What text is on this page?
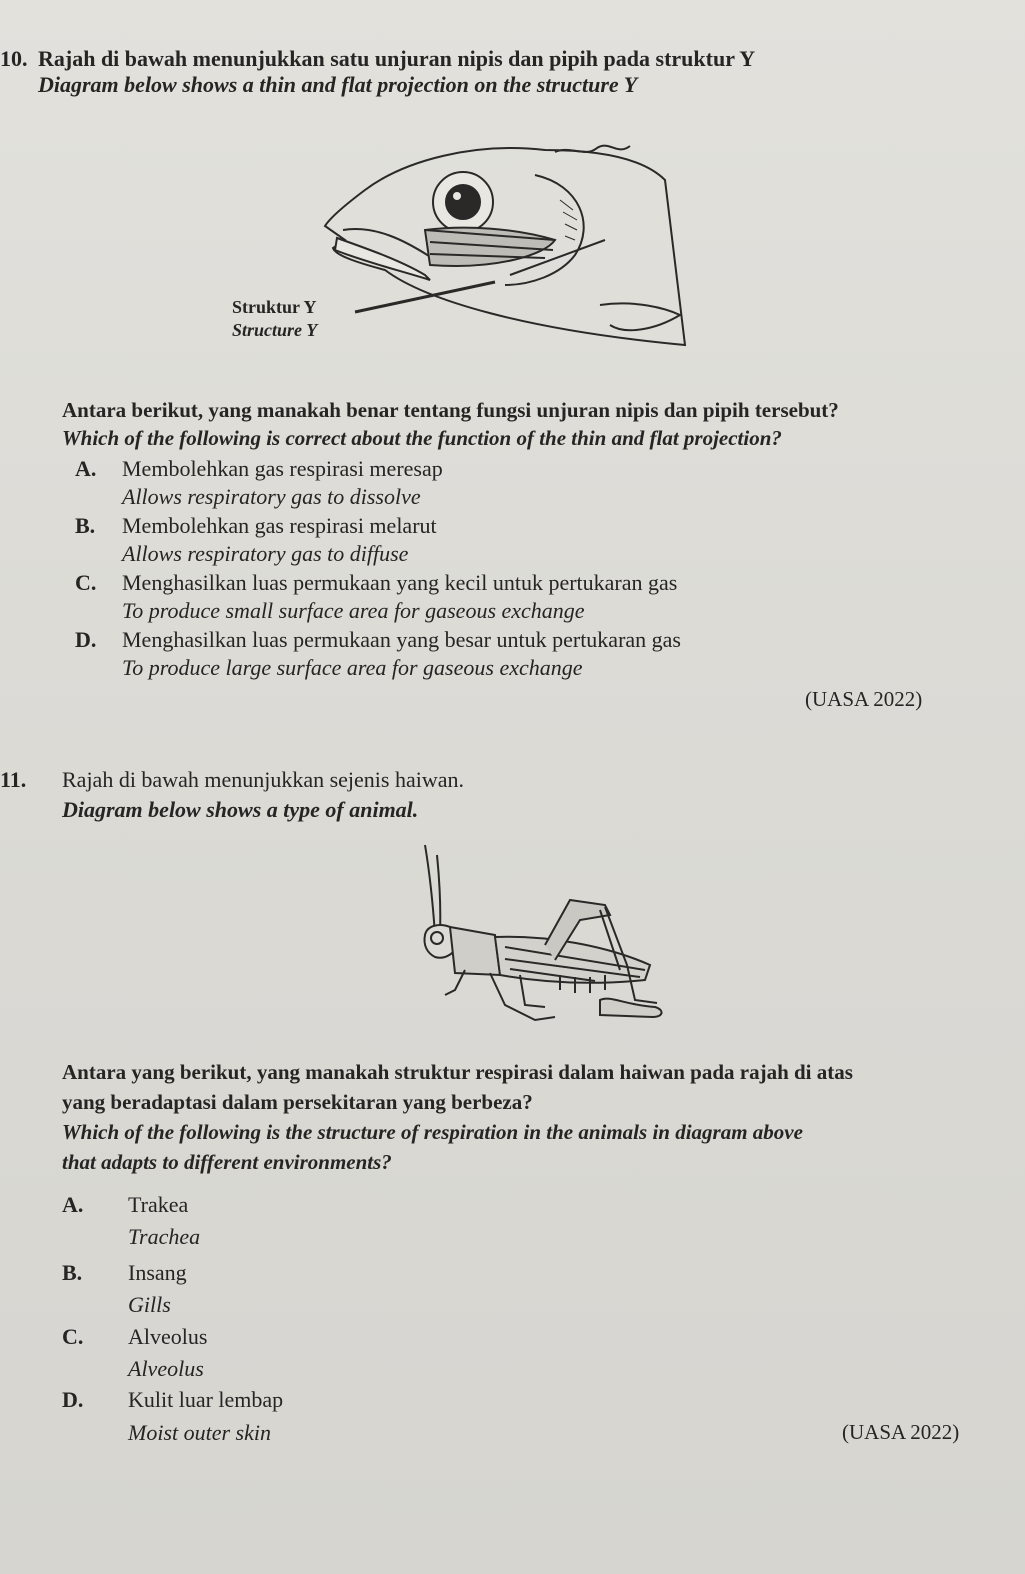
10. Rajah di bawah menunjukkan satu unjuran nipis dan pipih pada struktur Y
Diagram below shows a thin and flat projection on the structure Y
Struktur Y
Structure Y
Antara berikut, yang manakah benar tentang fungsi unjuran nipis dan pipih tersebut?
Which of the following is correct about the function of the thin and flat projection?
A. Membolehkan gas respirasi meresap
Allows respiratory gas to dissolve
B. Membolehkan gas respirasi melarut
Allows respiratory gas to diffuse
C. Menghasilkan luas permukaan yang kecil untuk pertukaran gas
To produce small surface area for gaseous exchange
D. Menghasilkan luas permukaan yang besar untuk pertukaran gas
To produce large surface area for gaseous exchange
(UASA 2022)
11. Rajah di bawah menunjukkan sejenis haiwan.
Diagram below shows a type of animal.
Antara yang berikut, yang manakah struktur respirasi dalam haiwan pada rajah di atas
yang beradaptasi dalam persekitaran yang berbeza?
Which of the following is the structure of respiration in the animals in diagram above
that adapts to different environments?
A. Trakea
Trachea
B. Insang
Gills
C. Alveolus
Alveolus
D. Kulit luar lembap
Moist outer skin	(UASA 2022)
